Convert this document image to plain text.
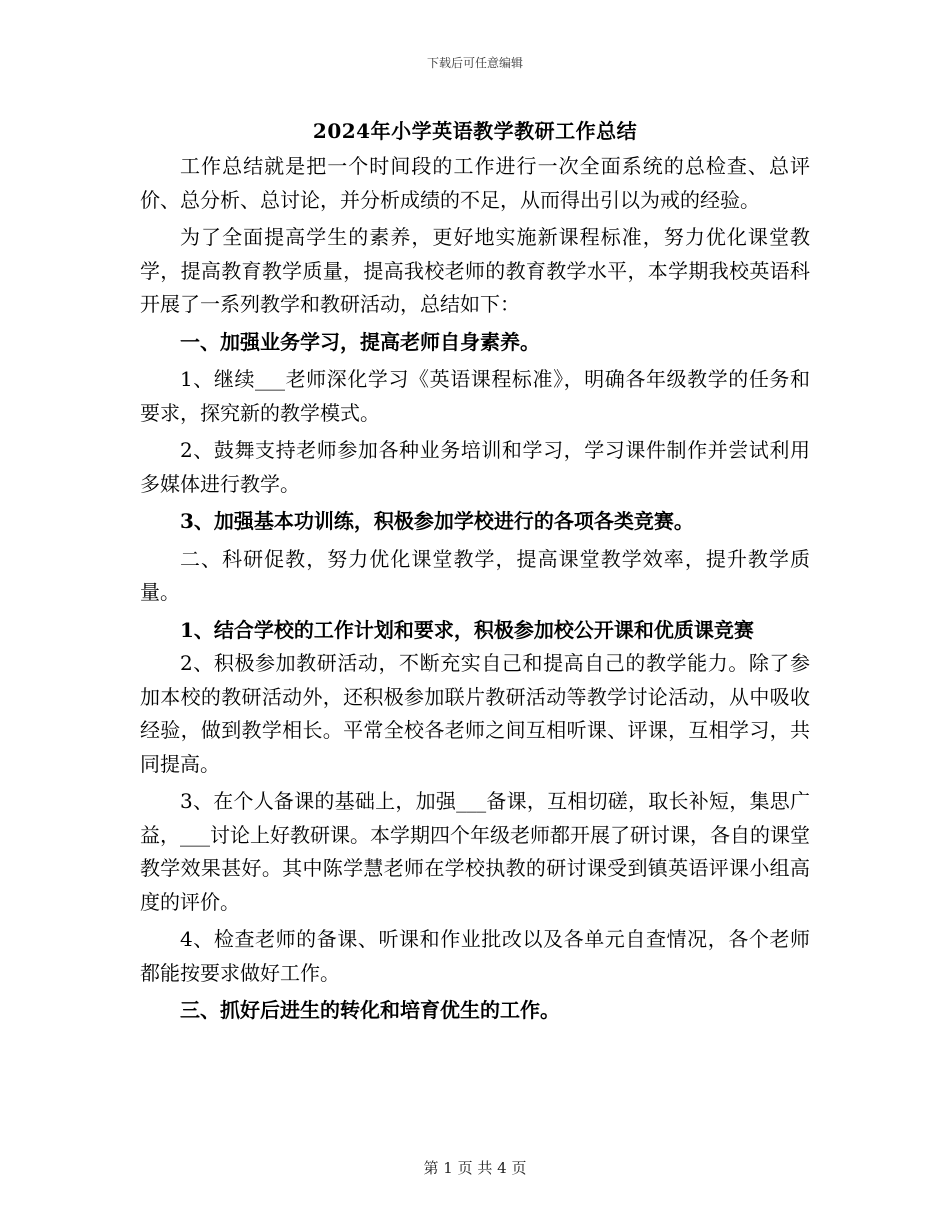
下载后可任意编辑
2024年小学英语教学教研工作总结

工作总结就是把一个时间段的工作进行一次全面系统的总检查、总评价、总分析、总讨论，并分析成绩的不足，从而得出引以为戒的经验。

为了全面提高学生的素养，更好地实施新课程标准，努力优化课堂教学，提高教育教学质量，提高我校老师的教育教学水平，本学期我校英语科开展了一系列教学和教研活动，总结如下：

一、加强业务学习，提高老师自身素养。

1、继续___老师深化学习《英语课程标准》，明确各年级教学的任务和要求，探究新的教学模式。

2、鼓舞支持老师参加各种业务培训和学习，学习课件制作并尝试利用多媒体进行教学。

3、加强基本功训练，积极参加学校进行的各项各类竞赛。

二、科研促教，努力优化课堂教学，提高课堂教学效率，提升教学质量。

1、结合学校的工作计划和要求，积极参加校公开课和优质课竞赛

2、积极参加教研活动，不断充实自己和提高自己的教学能力。除了参加本校的教研活动外，还积极参加联片教研活动等教学讨论活动，从中吸收经验，做到教学相长。平常全校各老师之间互相听课、评课，互相学习，共同提高。

3、在个人备课的基础上，加强___备课，互相切磋，取长补短，集思广益，___讨论上好教研课。本学期四个年级老师都开展了研讨课，各自的课堂教学效果甚好。其中陈学慧老师在学校执教的研讨课受到镇英语评课小组高度的评价。

4、检查老师的备课、听课和作业批改以及各单元自查情况，各个老师都能按要求做好工作。

三、抓好后进生的转化和培育优生的工作。

第 1 页 共 4 页
